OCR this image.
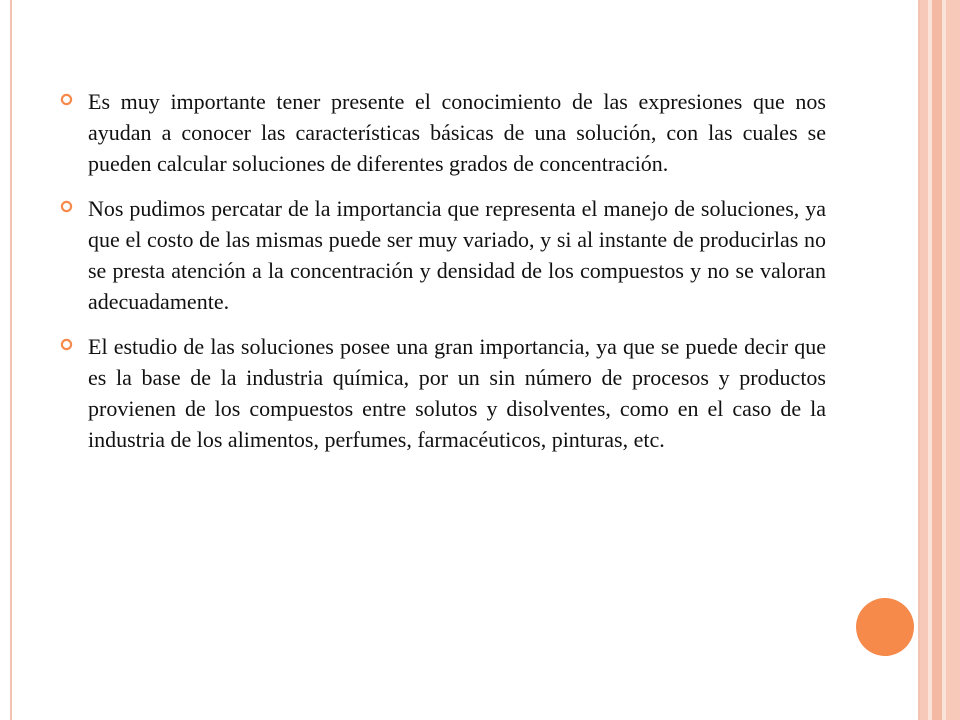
Es muy importante tener presente el conocimiento de las expresiones que nos ayudan a conocer las características básicas de una solución, con las cuales se pueden calcular soluciones de diferentes grados de concentración.
Nos pudimos percatar de la importancia que representa el manejo de soluciones, ya que el costo de las mismas puede ser muy variado, y si al instante de producirlas no se presta atención a la concentración y densidad de los compuestos y no se valoran adecuadamente.
El estudio de las soluciones posee una gran importancia, ya que se puede decir que es la base de la industria química, por un sin número de procesos y productos provienen de los compuestos entre solutos y disolventes, como en el caso de la industria de los alimentos, perfumes, farmacéuticos, pinturas, etc.
